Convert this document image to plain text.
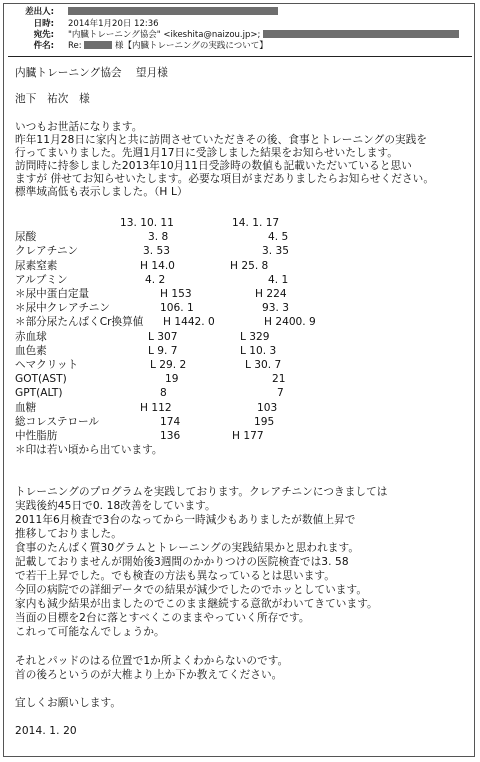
差出人:
日時: 2014年1月20日 12:36
宛先: "内臓トレーニング協会" <ikeshita@naizou.jp>;
件名: Re:	様【内臓トレーニングの実践について】
内臓トレーニング協会　 望月様
池下　祐次　様
いつもお世話になります。
昨年11月28日に家内と共に訪問させていただきその後、食事とトレーニングの実践を
行ってまいりました。先週1月17日に受診しました結果をお知らせいたします。
訪問時に持参しました2013年10月11日受診時の数値も記載いただいていると思い
ますが 併せてお知らせいたします。必要な項目がまだありましたらお知らせください。
標準域高低も表示しました。（H L）
13. 10. 11	14. 1. 17
尿酸	3. 8	4. 5
クレアチニン	3. 53	3. 35
尿素窒素	H 14.0	H 25. 8
アルブミン	4. 2	4. 1
＊尿中蛋白定量	H 153	H 224
＊尿中クレアチニン	106. 1	93. 3
＊部分尿たんぱくCr換算値 H 1442. 0	H 2400. 9
赤血球	L 307	L 329
血色素	L 9. 7	L 10. 3
ヘマクリット	L 29. 2	L 30. 7
GOT(AST)	19	21
GPT(ALT)	8	7
血糖	H 112	103
総コレステロール	174	195
中性脂肪	136	H 177
＊印は若い頃から出ています。
トレーニングのプログラムを実践しております。クレアチニンにつきましては
実践後約45日で0. 18改善をしています。
2011年6月検査で3台のなってから一時減少もありましたが数値上昇で
推移しておりました。
食事のたんぱく質30グラムとトレーニングの実践結果かと思われます。
記載しておりませんが開始後3週間のかかりつけの医院検査では3. 58
で若干上昇でした。でも検査の方法も異なっているとは思います。
今回の病院での詳細データでの結果が減少でしたのでホッとしています。
家内も減少結果が出ましたのでこのまま継続する意欲がわいてきています。
当面の目標を2台に落とすべくこのままやっていく所存です。
これって可能なんでしょうか。
それとパッドのはる位置で1か所よくわからないのです。
首の後ろというのが大椎より上か下か教えてください。
宜しくお願いします。
2014. 1. 20
